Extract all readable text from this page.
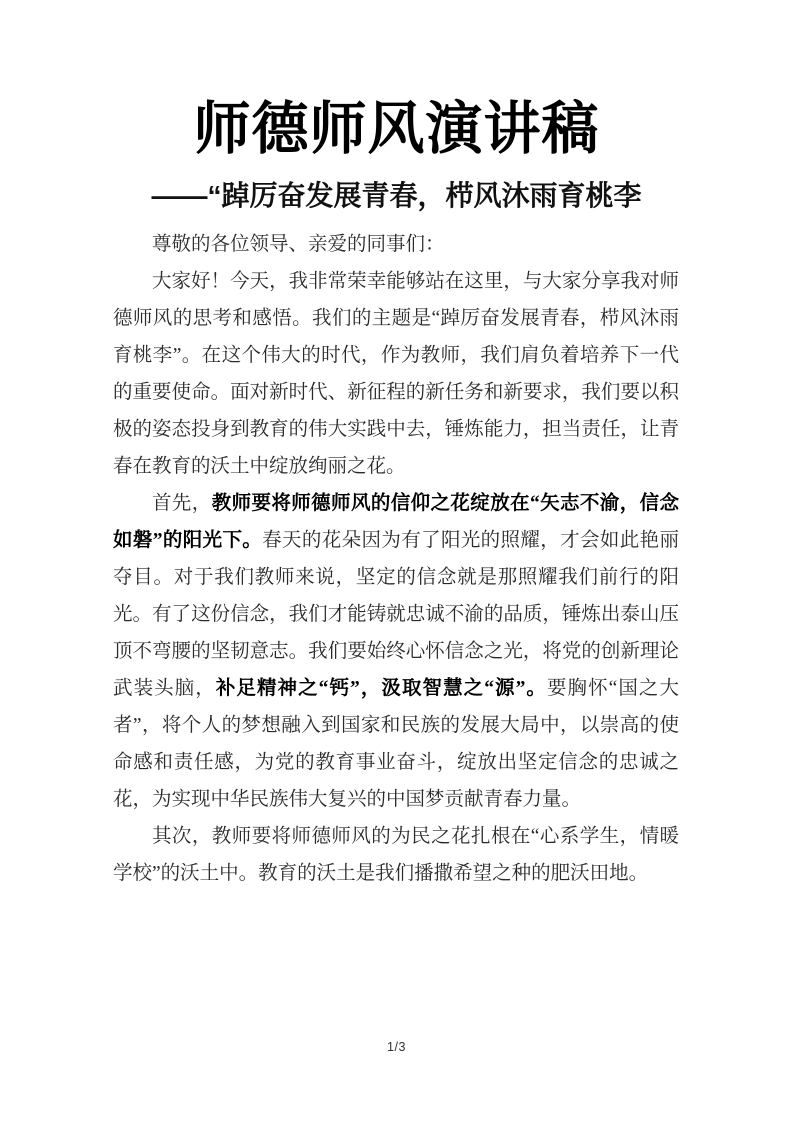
师德师风演讲稿
——“踔厉奋发展青春，栉风沐雨育桃李

尊敬的各位领导、亲爱的同事们：

大家好！今天，我非常荣幸能够站在这里，与大家分享我对师德师风的思考和感悟。我们的主题是“踔厉奋发展青春，栉风沐雨育桃李”。在这个伟大的时代，作为教师，我们肩负着培养下一代的重要使命。面对新时代、新征程的新任务和新要求，我们要以积极的姿态投身到教育的伟大实践中去，锤炼能力，担当责任，让青春在教育的沃土中绽放绚丽之花。

首先，教师要将师德师风的信仰之花绽放在“矢志不渝，信念如磐”的阳光下。春天的花朵因为有了阳光的照耀，才会如此艳丽夺目。对于我们教师来说，坚定的信念就是那照耀我们前行的阳光。有了这份信念，我们才能铸就忠诚不渝的品质，锤炼出泰山压顶不弯腰的坚韧意志。我们要始终心怀信念之光，将党的创新理论武装头脑，补足精神之“钙”，汲取智慧之“源”。要胸怀“国之大者”，将个人的梦想融入到国家和民族的发展大局中，以崇高的使命感和责任感，为党的教育事业奋斗，绽放出坚定信念的忠诚之花，为实现中华民族伟大复兴的中国梦贡献青春力量。

其次，教师要将师德师风的为民之花扎根在“心系学生，情暖学校”的沃土中。教育的沃土是我们播撒希望之种的肥沃田地。

1/3
